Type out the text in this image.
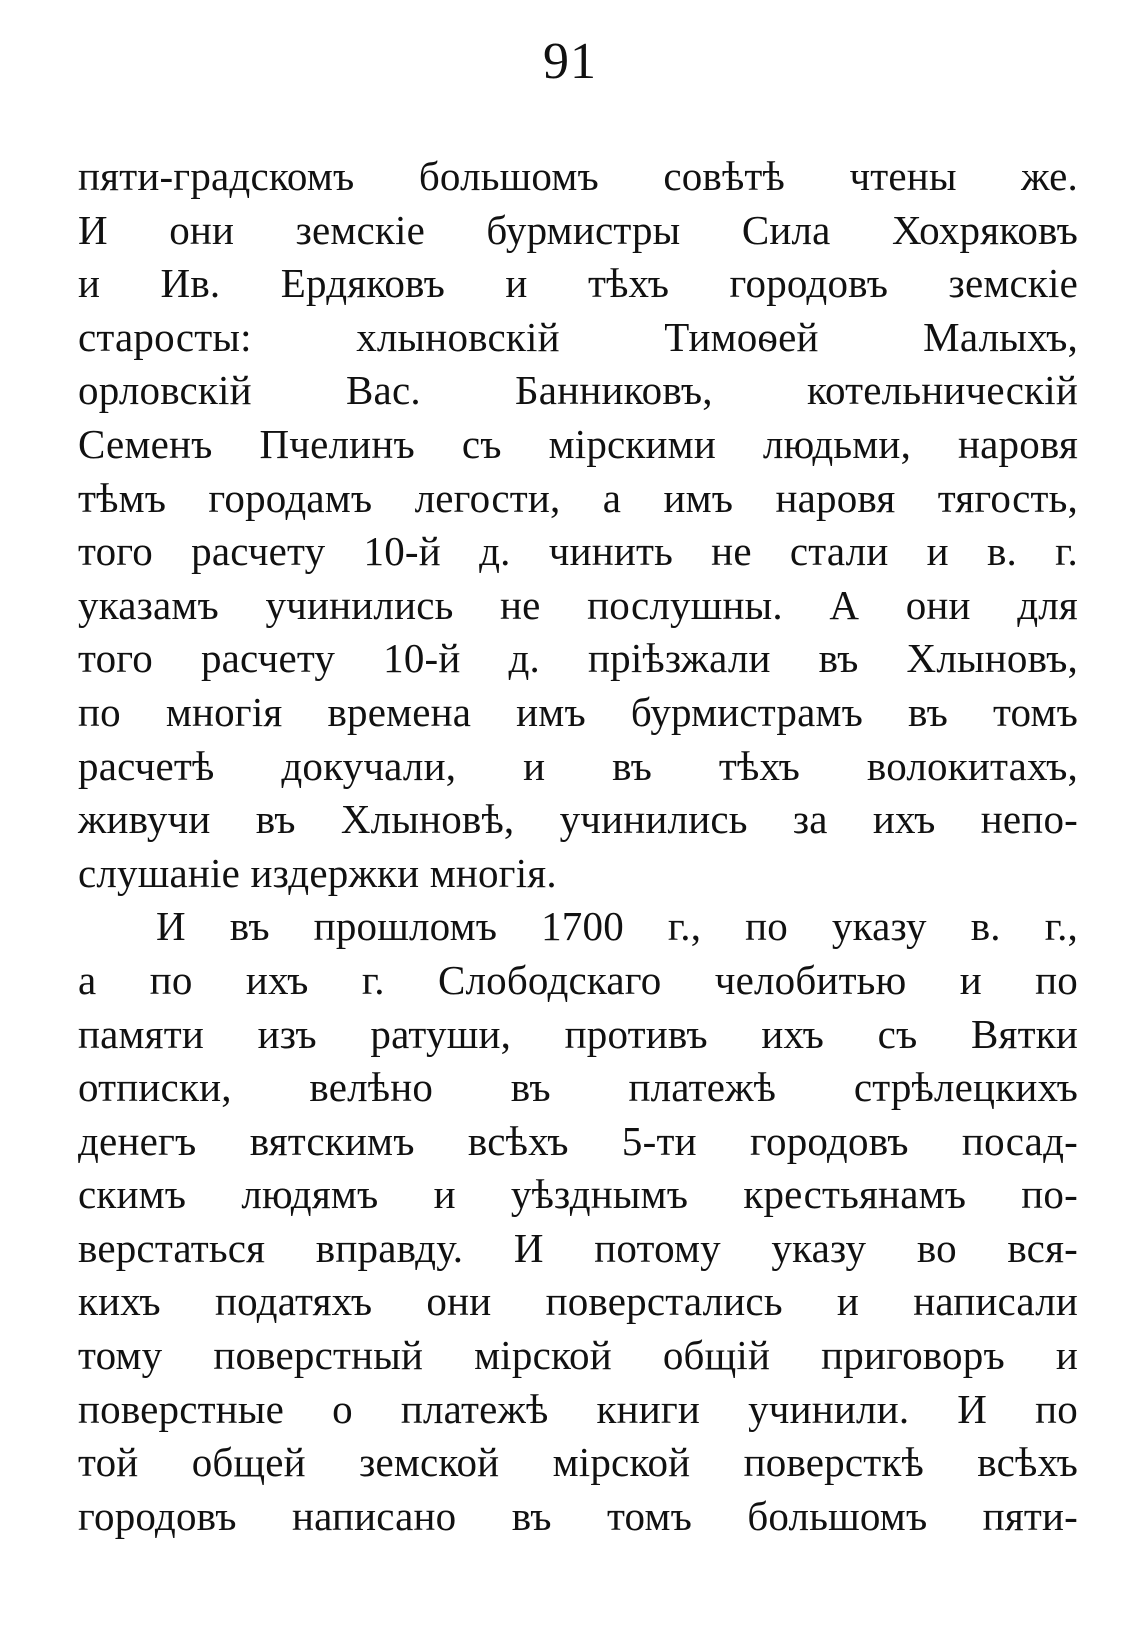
91
пяти-градскомъ большомъ совѣтѣ чтены же.
И они земскiе бурмистры Сила Хохряковъ
и Ив. Ердяковъ и тѣхъ городовъ земскiе
старосты: хлыновскiй Тимоѳей Малыхъ,
орловскiй Вас. Банниковъ, котельническiй
Семенъ Пчелинъ съ мiрскими людьми, наровя
тѣмъ городамъ легости, а имъ наровя тягость,
того расчету 10-й д. чинить не стали и в. г.
указамъ учинились не послушны. А они для
того расчету 10-й д. прiѣзжали въ Хлыновъ,
по многiя времена имъ бурмистрамъ въ томъ
расчетѣ докучали, и въ тѣхъ волокитахъ,
живучи въ Хлыновѣ, учинились за ихъ непо-
слушанiе издержки многiя.
И въ прошломъ 1700 г., по указу в. г.,
а по ихъ г. Слободскаго челобитью и по
памяти изъ ратуши, противъ ихъ съ Вятки
отписки, велѣно въ платежѣ стрѣлецкихъ
денегъ вятскимъ всѣхъ 5-ти городовъ посад-
скимъ людямъ и уѣзднымъ крестьянамъ по-
верстаться вправду. И потому указу во вся-
кихъ податяхъ они поверстались и написали
тому поверстный мiрской общiй приговоръ и
поверстные о платежѣ книги учинили. И по
той общей земской мiрской поверсткѣ всѣхъ
городовъ написано въ томъ большомъ пяти-
